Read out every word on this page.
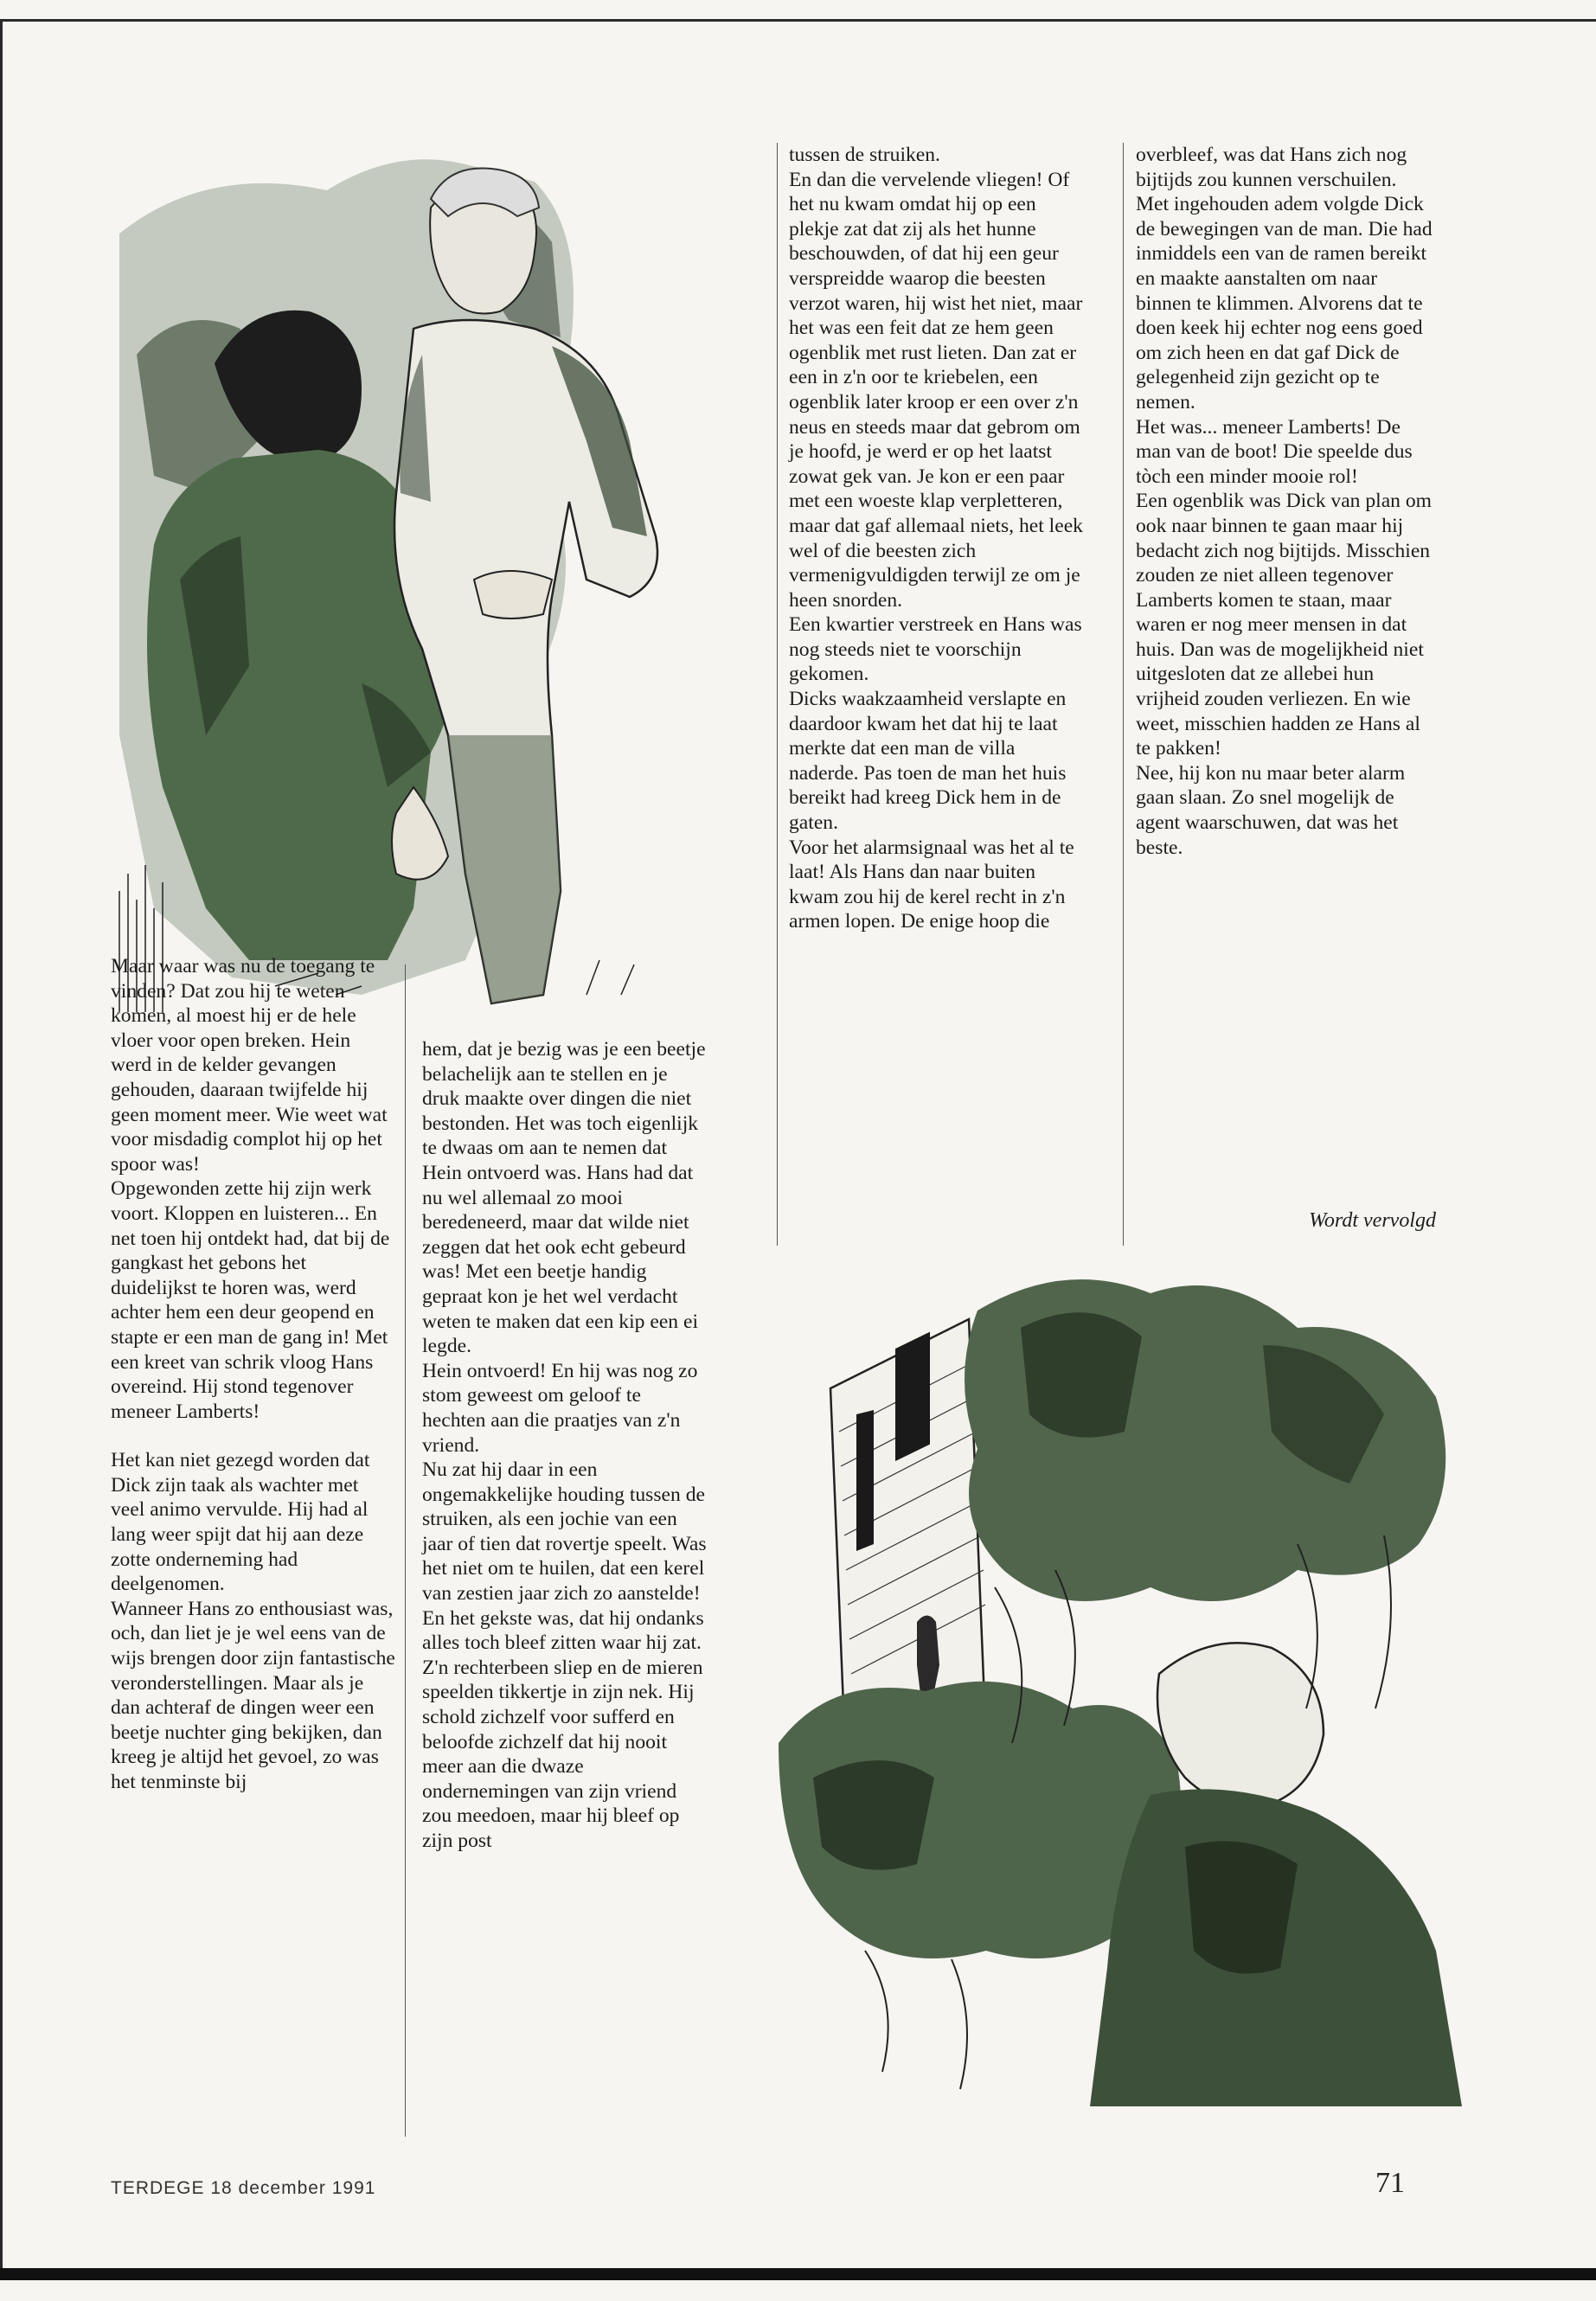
Maar waar was nu de toegang te vinden? Dat zou hij te weten komen, al moest hij er de hele vloer voor open breken. Hein werd in de kelder gevangen gehouden, daaraan twijfelde hij geen moment meer. Wie weet wat voor misdadig complot hij op het spoor was!

Opgewonden zette hij zijn werk voort. Kloppen en luisteren... En net toen hij ontdekt had, dat bij de gangkast het gebons het duidelijkst te horen was, werd achter hem een deur geopend en stapte er een man de gang in! Met een kreet van schrik vloog Hans overeind. Hij stond tegenover meneer Lamberts!

Het kan niet gezegd worden dat Dick zijn taak als wachter met veel animo vervulde. Hij had al lang weer spijt dat hij aan deze zotte onderneming had deelgenomen.

Wanneer Hans zo enthousiast was, och, dan liet je je wel eens van de wijs brengen door zijn fantastische veronderstellingen. Maar als je dan achteraf de dingen weer een beetje nuchter ging bekijken, dan kreeg je altijd het gevoel, zo was het tenminste bij

hem, dat je bezig was je een beetje belachelijk aan te stellen en je druk maakte over dingen die niet bestonden. Het was toch eigenlijk te dwaas om aan te nemen dat Hein ontvoerd was. Hans had dat nu wel allemaal zo mooi beredeneerd, maar dat wilde niet zeggen dat het ook echt gebeurd was! Met een beetje handig gepraat kon je het wel verdacht weten te maken dat een kip een ei legde.

Hein ontvoerd! En hij was nog zo stom geweest om geloof te hechten aan die praatjes van z'n vriend.

Nu zat hij daar in een ongemakkelijke houding tussen de struiken, als een jochie van een jaar of tien dat rovertje speelt. Was het niet om te huilen, dat een kerel van zestien jaar zich zo aanstelde! En het gekste was, dat hij ondanks alles toch bleef zitten waar hij zat. Z'n rechterbeen sliep en de mieren speelden tikkertje in zijn nek. Hij schold zichzelf voor sufferd en beloofde zichzelf dat hij nooit meer aan die dwaze ondernemingen van zijn vriend zou meedoen, maar hij bleef op zijn post

tussen de struiken.

En dan die vervelende vliegen! Of het nu kwam omdat hij op een plekje zat dat zij als het hunne beschouwden, of dat hij een geur verspreidde waarop die beesten verzot waren, hij wist het niet, maar het was een feit dat ze hem geen ogenblik met rust lieten. Dan zat er een in z'n oor te kriebelen, een ogenblik later kroop er een over z'n neus en steeds maar dat gebrom om je hoofd, je werd er op het laatst zowat gek van. Je kon er een paar met een woeste klap verpletteren, maar dat gaf allemaal niets, het leek wel of die beesten zich vermenigvuldigden terwijl ze om je heen snorden.

Een kwartier verstreek en Hans was nog steeds niet te voorschijn gekomen.

Dicks waakzaamheid verslapte en daardoor kwam het dat hij te laat merkte dat een man de villa naderde. Pas toen de man het huis bereikt had kreeg Dick hem in de gaten.

Voor het alarmsignaal was het al te laat! Als Hans dan naar buiten kwam zou hij de kerel recht in z'n armen lopen. De enige hoop die

overbleef, was dat Hans zich nog bijtijds zou kunnen verschuilen.

Met ingehouden adem volgde Dick de bewegingen van de man. Die had inmiddels een van de ramen bereikt en maakte aanstalten om naar binnen te klimmen. Alvorens dat te doen keek hij echter nog eens goed om zich heen en dat gaf Dick de gelegenheid zijn gezicht op te nemen.

Het was... meneer Lamberts! De man van de boot! Die speelde dus tòch een minder mooie rol!

Een ogenblik was Dick van plan om ook naar binnen te gaan maar hij bedacht zich nog bijtijds. Misschien zouden ze niet alleen tegenover Lamberts komen te staan, maar waren er nog meer mensen in dat huis. Dan was de mogelijkheid niet uitgesloten dat ze allebei hun vrijheid zouden verliezen. En wie weet, misschien hadden ze Hans al te pakken!

Nee, hij kon nu maar beter alarm gaan slaan. Zo snel mogelijk de agent waarschuwen, dat was het beste.

Wordt vervolgd
TERDEGE 18 december 1991	71
